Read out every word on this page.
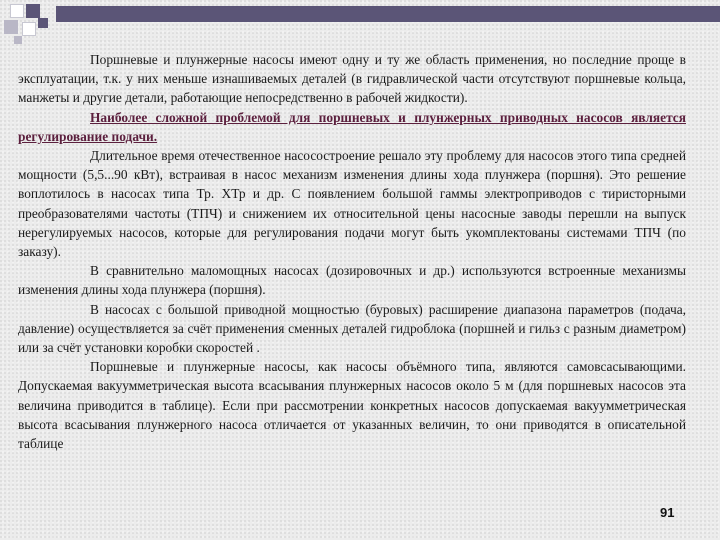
Поршневые и плунжерные насосы имеют одну и ту же область применения, но последние проще в эксплуатации, т.к. у них меньше изнашиваемых деталей (в гидравлической части отсутствуют поршневые кольца, манжеты и другие детали, работающие непосредственно в рабочей жидкости).

Наиболее сложной проблемой для поршневых и плунжерных приводных насосов является регулирование подачи.

Длительное время отечественное насосостроение решало эту проблему для насосов этого типа средней мощности (5,5...90 кВт), встраивая в насос механизм изменения длины хода плунжера (поршня). Это решение воплотилось в насосах типа Тр. ХТр и др. С появлением большой гаммы электроприводов с тиристорными преобразователями частоты (ТПЧ) и снижением их относительной цены насосные заводы перешли на выпуск нерегулируемых насосов, которые для регулирования подачи могут быть укомплектованы системами ТПЧ (по заказу).

В сравнительно маломощных насосах (дозировочных и др.) используются встроенные механизмы изменения длины хода плунжера (поршня).

В насосах с большой приводной мощностью (буровых) расширение диапазона параметров (подача, давление) осуществляется за счёт применения сменных деталей гидроблока (поршней и гильз с разным диаметром) или за счёт установки коробки скоростей .

Поршневые и плунжерные насосы, как насосы объёмного типа, являются самовсасывающими. Допускаемая вакуумметрическая высота всасывания плунжерных насосов около 5 м (для поршневых насосов эта величина приводится в таблице). Если при рассмотрении конкретных насосов допускаемая вакуумметрическая высота всасывания плунжерного насоса отличается от указанных величин, то они приводятся в описательной таблице

91
